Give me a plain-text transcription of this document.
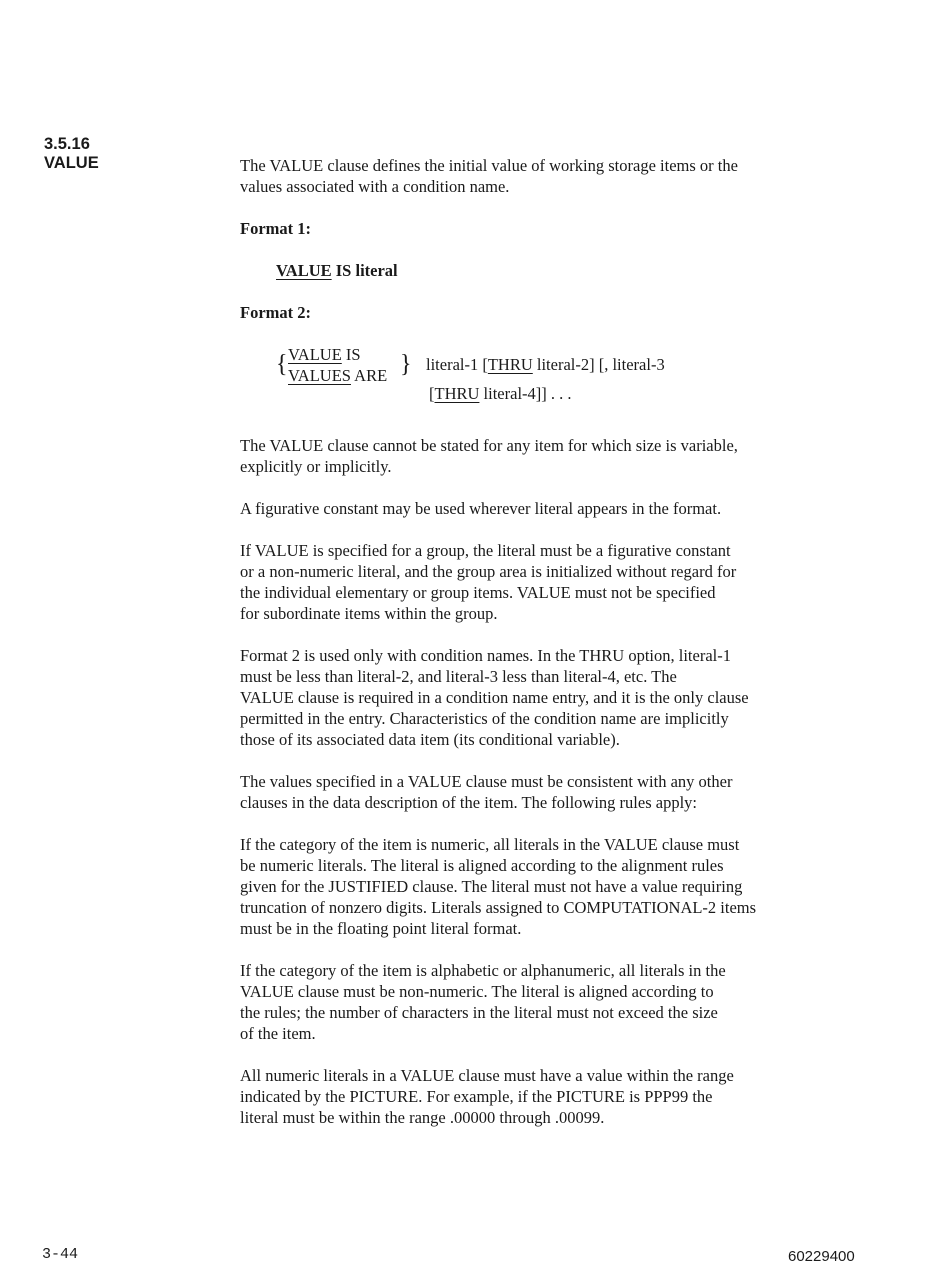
3.5.16
VALUE	The VALUE clause defines the initial value of working storage items or the
values associated with a condition name.
Format 1:
VALUE IS literal
Format 2:
{ VALUE IS
VALUES ARE } literal-1 [THRU literal-2] [, literal-3
[THRU literal-4]] . . .
The VALUE clause cannot be stated for any item for which size is variable,
explicitly or implicitly.
A figurative constant may be used wherever literal appears in the format.
If VALUE is specified for a group, the literal must be a figurative constant
or a non-numeric literal, and the group area is initialized without regard for
the individual elementary or group items. VALUE must not be specified
for subordinate items within the group.
Format 2 is used only with condition names. In the THRU option, literal-1
must be less than literal-2, and literal-3 less than literal-4, etc. The
VALUE clause is required in a condition name entry, and it is the only clause
permitted in the entry. Characteristics of the condition name are implicitly
those of its associated data item (its conditional variable).
The values specified in a VALUE clause must be consistent with any other
clauses in the data description of the item. The following rules apply:
If the category of the item is numeric, all literals in the VALUE clause must
be numeric literals. The literal is aligned according to the alignment rules
given for the JUSTIFIED clause. The literal must not have a value requiring
truncation of nonzero digits. Literals assigned to COMPUTATIONAL-2 items
must be in the floating point literal format.
If the category of the item is alphabetic or alphanumeric, all literals in the
VALUE clause must be non-numeric. The literal is aligned according to
the rules; the number of characters in the literal must not exceed the size
of the item.
All numeric literals in a VALUE clause must have a value within the range
indicated by the PICTURE. For example, if the PICTURE is PPP99 the
literal must be within the range .00000 through .00099.
3-44	60229400
